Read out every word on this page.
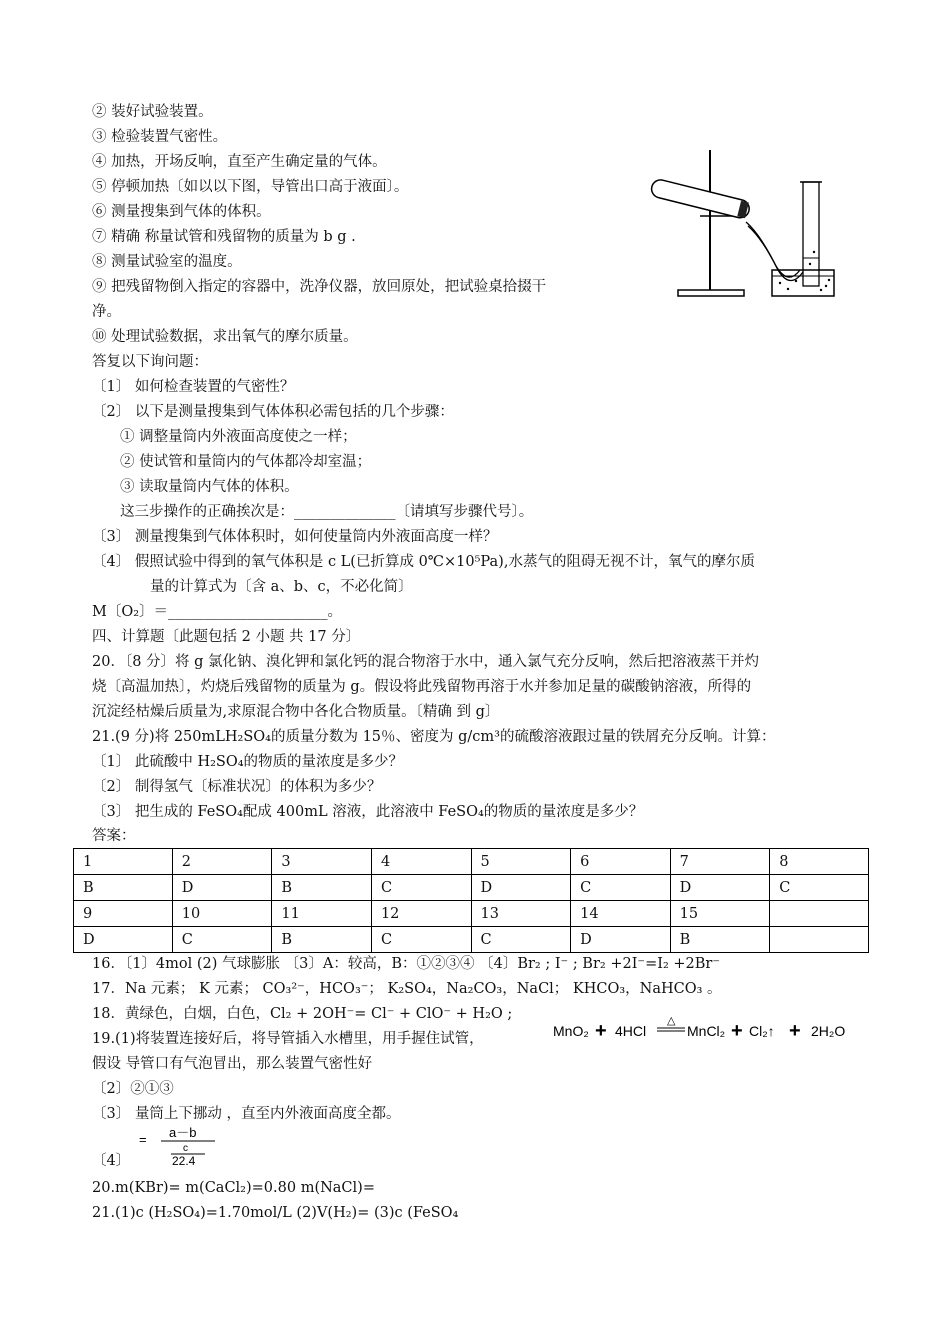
② 装好试验装置。
③ 检验装置气密性。
④ 加热，开场反响，直至产生确定量的气体。
⑤ 停顿加热〔如以以下图，导管出口高于液面〕。
⑥ 测量搜集到气体的体积。
⑦ 精确 称量试管和残留物的质量为 b g .
⑧ 测量试验室的温度。
⑨ 把残留物倒入指定的容器中，洗净仪器，放回原处，把试验桌拾掇干
净。
⑩ 处理试验数据，求出氧气的摩尔质量。
答复以下询问题：
〔1〕 如何检查装置的气密性？
〔2〕 以下是测量搜集到气体体积必需包括的几个步骤：
① 调整量筒内外液面高度使之一样；
② 使试管和量筒内的气体都冷却室温；
③ 读取量筒内气体的体积。
这三步操作的正确挨次是：______________〔请填写步骤代号〕。
〔3〕 测量搜集到气体体积时，如何使量筒内外液面高度一样？
〔4〕 假照试验中得到的氧气体积是 c L(已折算成 0℃×10⁵Pa),水蒸气的阻碍无视不计，氧气的摩尔质
量的计算式为〔含 a、b、c，不必化简〕
M〔O₂〕＝______________________。
四、计算题〔此题包括 2 小题 共 17 分〕
20．〔8 分〕将 g 氯化钠、溴化钾和氯化钙的混合物溶于水中，通入氯气充分反响，然后把溶液蒸干并灼
烧〔高温加热〕，灼烧后残留物的质量为 g。假设将此残留物再溶于水并参加足量的碳酸钠溶液，所得的
沉淀经枯燥后质量为,求原混合物中各化合物质量。〔精确 到 g〕
21.(9 分)将 250mLH₂SO₄的质量分数为 15％、密度为 g/cm³的硫酸溶液跟过量的铁屑充分反响。计算：
〔1〕 此硫酸中 H₂SO₄的物质的量浓度是多少？
〔2〕 制得氢气〔标准状况〕的体积为多少？
〔3〕 把生成的 FeSO₄配成 400mL 溶液，此溶液中 FeSO₄的物质的量浓度是多少？
答案：
1	2	3	4	5	6	7	8
B	D	B	C	D	C	D	C
9	10	11	12	13	14	15	
D	C	B	C	C	D	B	
16．〔1〕4mol (2) 气球膨胀 〔3〕A：较高，B：①②③④ 〔4〕Br₂ ; I⁻ ; Br₂ +2I⁻=I₂ +2Br⁻
17．Na 元素； K 元素； CO₃²⁻，HCO₃⁻； K₂SO₄，Na₂CO₃，NaCl； KHCO₃，NaHCO₃ 。
18．黄绿色，白烟，白色，Cl₂ + 2OH⁻= Cl⁻ + ClO⁻ + H₂O ;
19.(1)将装置连接好后，将导管插入水槽里，用手握住试管，	MnO₂ + 4HCl
△
MnCl₂ + Cl₂↑ + 2H₂O
假设 导管口有气泡冒出，那么装置气密性好
〔2〕②①③
〔3〕 量筒上下挪动 ，直至内外液面高度全都。
〔4〕
= a－b
c
22.4
20.m(KBr)= m(CaCl₂)=0.80 m(NaCl)=
21.(1)c (H₂SO₄)=1.70mol/L (2)V(H₂)= (3)c (FeSO₄
